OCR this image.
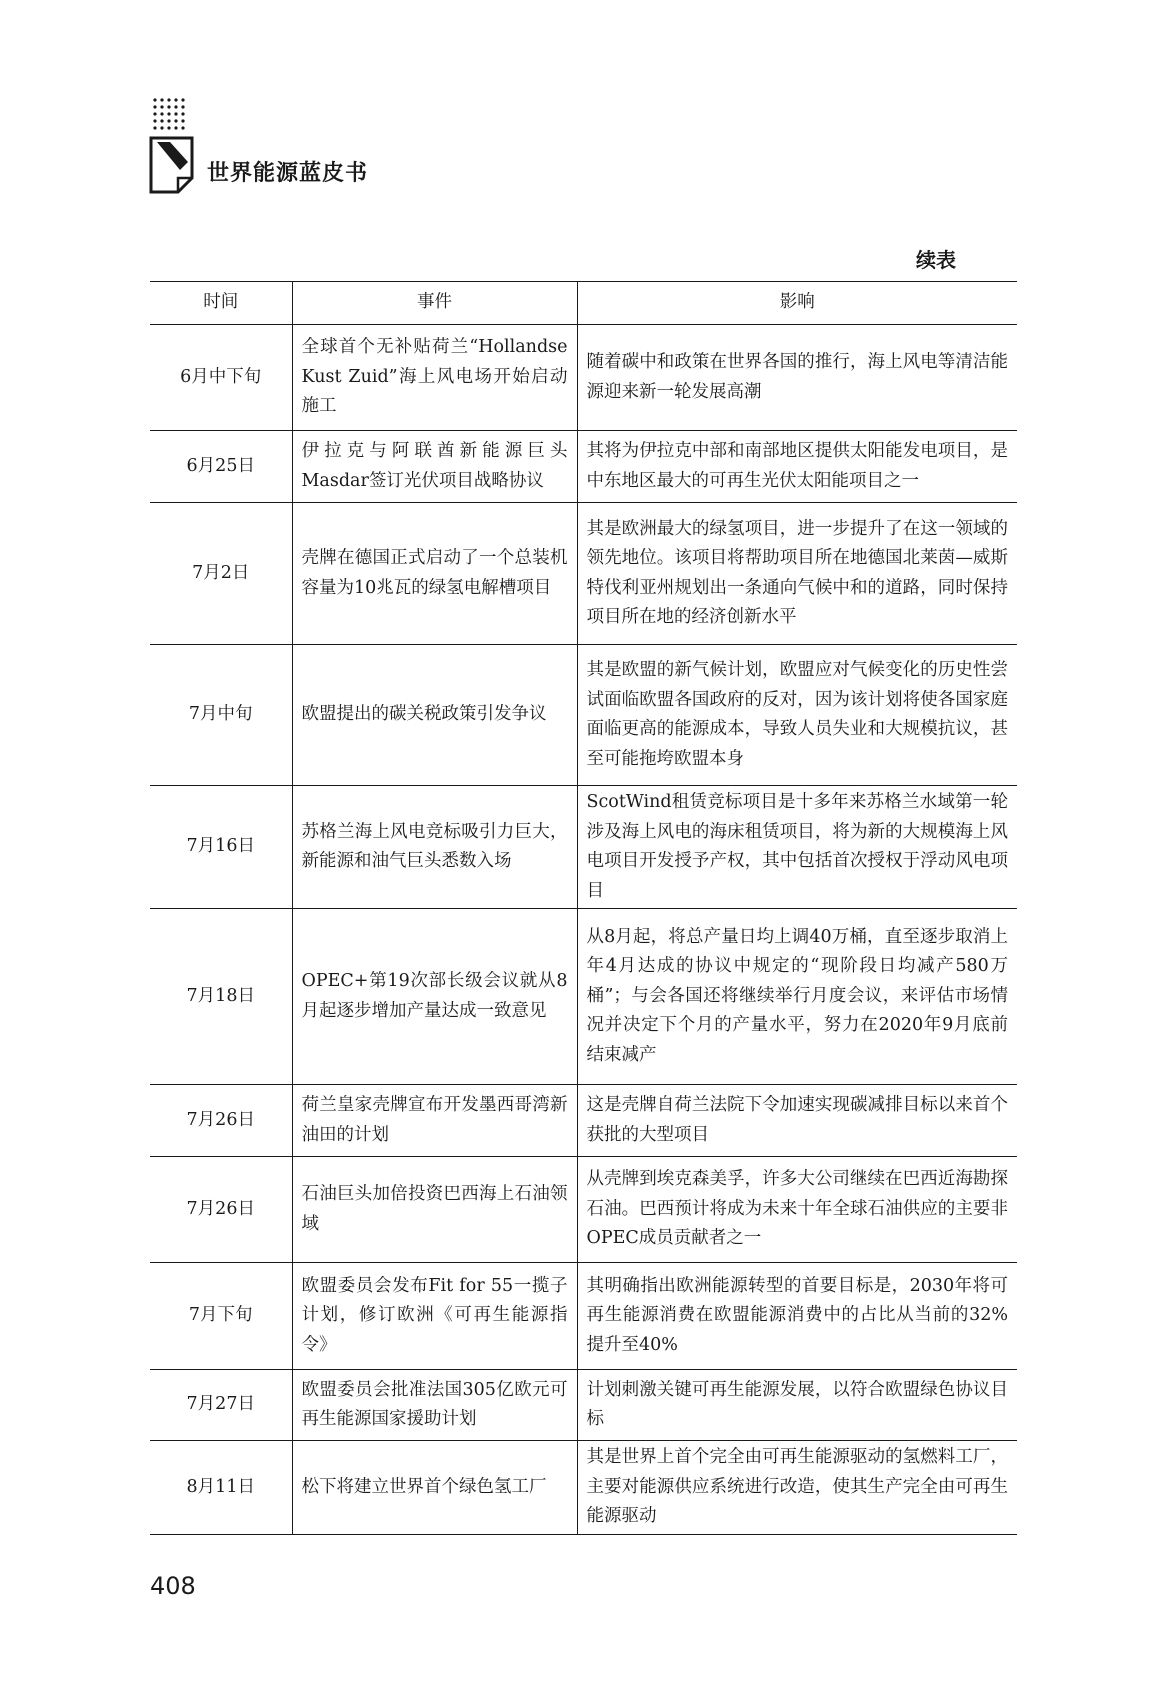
世界能源蓝皮书
续表
时间	事件	影响
6月中下旬	全球首个无补贴荷兰“Hollandse Kust Zuid”海上风电场开始启动施工	随着碳中和政策在世界各国的推行，海上风电等清洁能源迎来新一轮发展高潮
6月25日	伊拉克与阿联酋新能源巨头Masdar签订光伏项目战略协议	其将为伊拉克中部和南部地区提供太阳能发电项目，是中东地区最大的可再生光伏太阳能项目之一
7月2日	壳牌在德国正式启动了一个总装机容量为10兆瓦的绿氢电解槽项目	其是欧洲最大的绿氢项目，进一步提升了在这一领域的领先地位。该项目将帮助项目所在地德国北莱茵—威斯特伐利亚州规划出一条通向气候中和的道路，同时保持项目所在地的经济创新水平
7月中旬	欧盟提出的碳关税政策引发争议	其是欧盟的新气候计划，欧盟应对气候变化的历史性尝试面临欧盟各国政府的反对，因为该计划将使各国家庭面临更高的能源成本，导致人员失业和大规模抗议，甚至可能拖垮欧盟本身
7月16日	苏格兰海上风电竞标吸引力巨大，新能源和油气巨头悉数入场	ScotWind租赁竞标项目是十多年来苏格兰水域第一轮涉及海上风电的海床租赁项目，将为新的大规模海上风电项目开发授予产权，其中包括首次授权于浮动风电项目
7月18日	OPEC+第19次部长级会议就从8月起逐步增加产量达成一致意见	从8月起，将总产量日均上调40万桶，直至逐步取消上年4月达成的协议中规定的“现阶段日均减产580万桶”；与会各国还将继续举行月度会议，来评估市场情况并决定下个月的产量水平，努力在2020年9月底前结束减产
7月26日	荷兰皇家壳牌宣布开发墨西哥湾新油田的计划	这是壳牌自荷兰法院下令加速实现碳减排目标以来首个获批的大型项目
7月26日	石油巨头加倍投资巴西海上石油领域	从壳牌到埃克森美孚，许多大公司继续在巴西近海勘探石油。巴西预计将成为未来十年全球石油供应的主要非OPEC成员贡献者之一
7月下旬	欧盟委员会发布Fit for 55一揽子计划，修订欧洲《可再生能源指令》	其明确指出欧洲能源转型的首要目标是，2030年将可再生能源消费在欧盟能源消费中的占比从当前的32%提升至40%
7月27日	欧盟委员会批准法国305亿欧元可再生能源国家援助计划	计划刺激关键可再生能源发展，以符合欧盟绿色协议目标
8月11日	松下将建立世界首个绿色氢工厂	其是世界上首个完全由可再生能源驱动的氢燃料工厂，主要对能源供应系统进行改造，使其生产完全由可再生能源驱动
408
